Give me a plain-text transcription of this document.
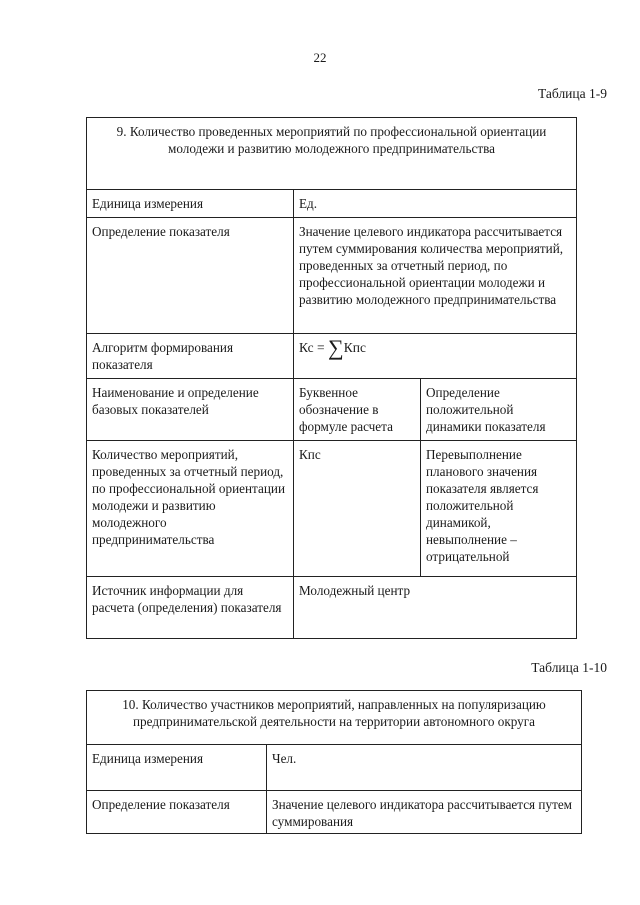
22
Таблица 1-9
9. Количество проведенных мероприятий по профессиональной ориентации молодежи и развитию молодежного предпринимательства		
Единица измерения	Ед.	
Определение показателя	Значение целевого индикатора рассчитывается путем суммирования количества мероприятий, проведенных за отчетный период, по профессиональной ориентации молодежи и развитию молодежного предпринимательства	
Алгоритм формирования показателя	Кс = ∑Кпс	
Наименование и определение базовых показателей	Буквенное обозначение в формуле расчета	Определение положительной динамики показателя
Количество мероприятий, проведенных за отчетный период, по профессиональной ориентации молодежи и развитию молодежного предпринимательства	Кпс	Перевыполнение планового значения показателя является положительной динамикой, невыполнение – отрицательной
Источник информации для расчета (определения) показателя	Молодежный центр	
Таблица 1-10
10. Количество участников мероприятий, направленных на популяризацию предпринимательской деятельности на территории автономного округа	
Единица измерения	Чел.
Определение показателя	Значение целевого индикатора рассчитывается путем суммирования
